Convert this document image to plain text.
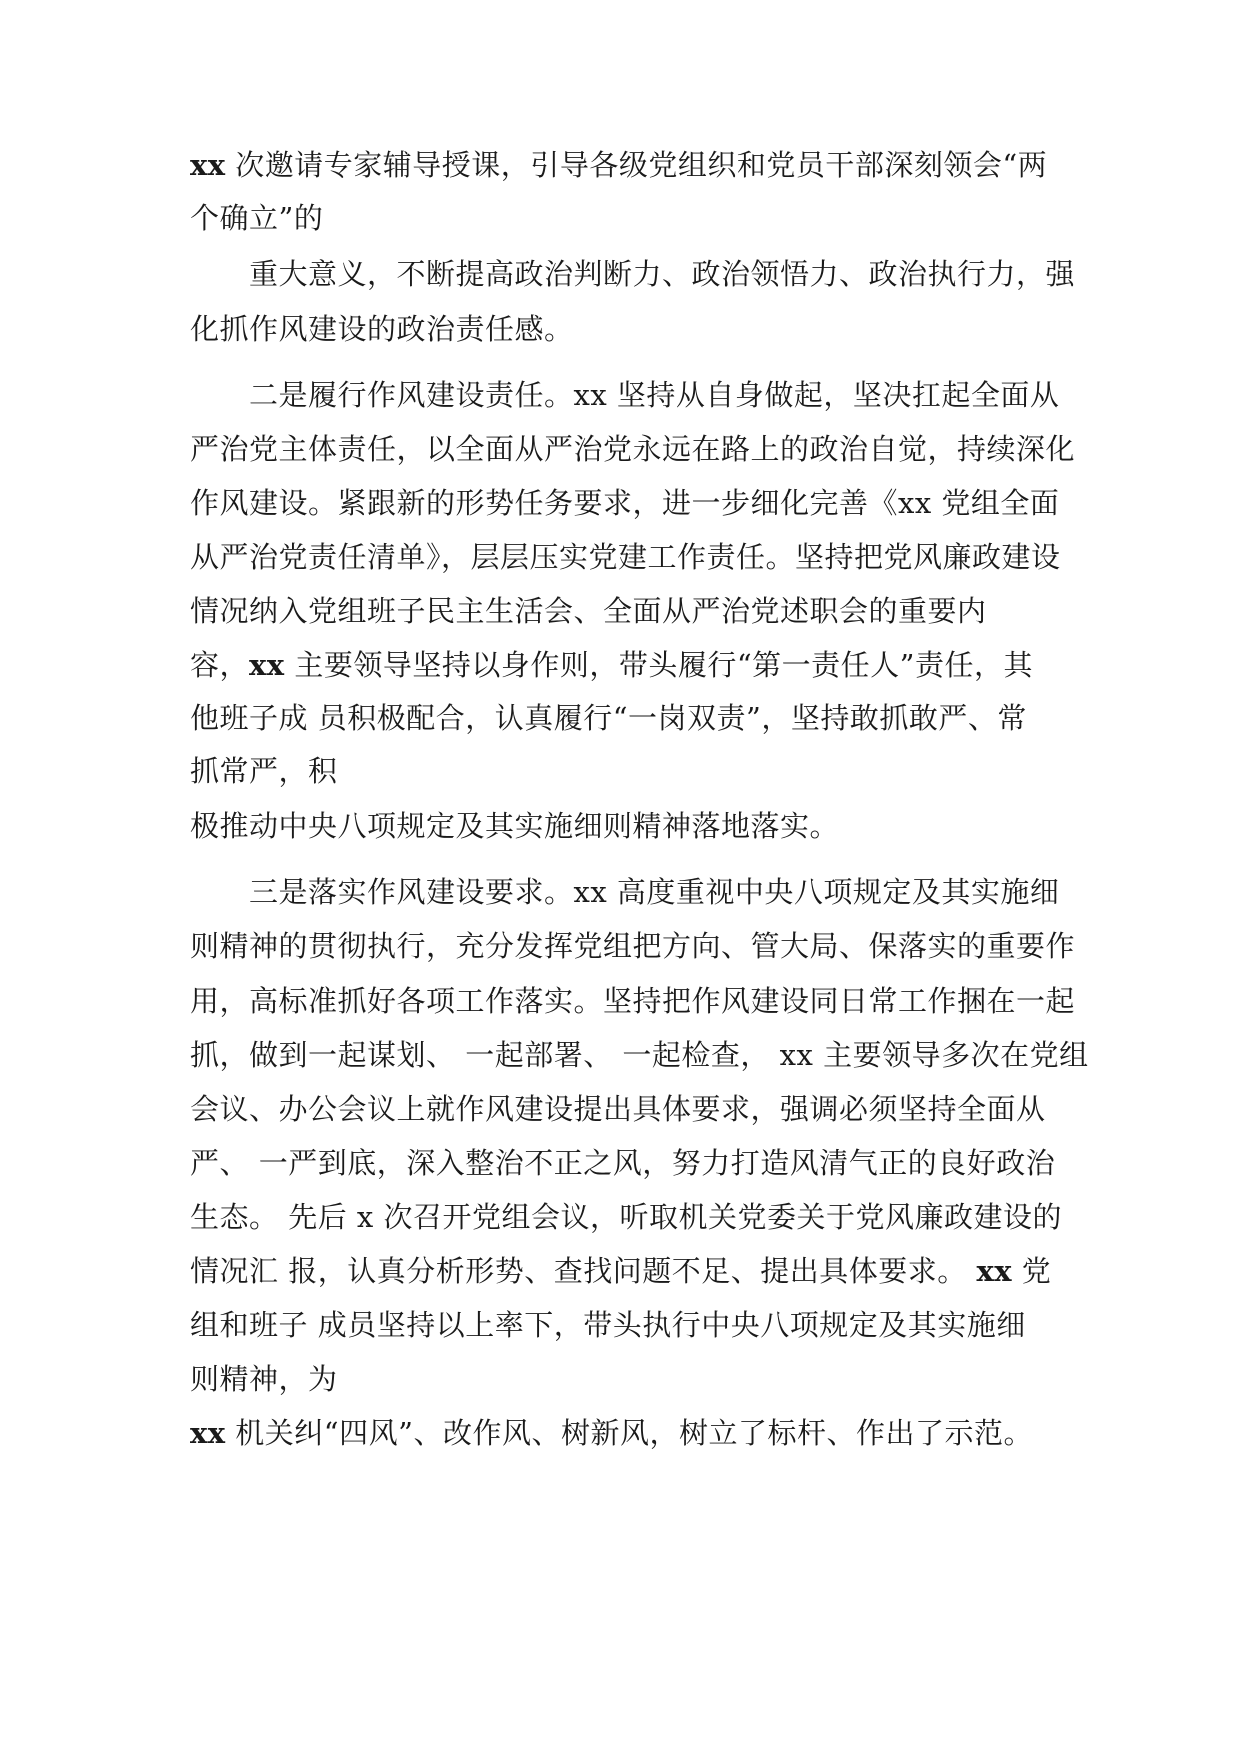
xx 次邀请专家辅导授课，引导各级党组织和党员干部深刻领会“两
个确立”的
重大意义，不断提高政治判断力、政治领悟力、政治执行力，强
化抓作风建设的政治责任感。
二是履行作风建设责任。xx 坚持从自身做起，坚决扛起全面从
严治党主体责任，以全面从严治党永远在路上的政治自觉，持续深化
作风建设。紧跟新的形势任务要求，进一步细化完善《xx 党组全面
从严治党责任清单》，层层压实党建工作责任。坚持把党风廉政建设
情况纳入党组班子民主生活会、全面从严治党述职会的重要内
容，xx 主要领导坚持以身作则，带头履行“第一责任人”责任，其
他班子成 员积极配合，认真履行“一岗双责”，坚持敢抓敢严、常
抓常严，积
极推动中央八项规定及其实施细则精神落地落实。
三是落实作风建设要求。xx 高度重视中央八项规定及其实施细
则精神的贯彻执行，充分发挥党组把方向、管大局、保落实的重要作
用，高标准抓好各项工作落实。坚持把作风建设同日常工作捆在一起
抓，做到一起谋划、 一起部署、 一起检查， xx 主要领导多次在党组
会议、办公会议上就作风建设提出具体要求，强调必须坚持全面从
严、 一严到底，深入整治不正之风，努力打造风清气正的良好政治
生态。 先后 x 次召开党组会议，听取机关党委关于党风廉政建设的
情况汇 报，认真分析形势、查找问题不足、提出具体要求。 xx 党
组和班子 成员坚持以上率下，带头执行中央八项规定及其实施细
则精神，为
xx 机关纠“四风”、改作风、树新风，树立了标杆、作出了示范。
